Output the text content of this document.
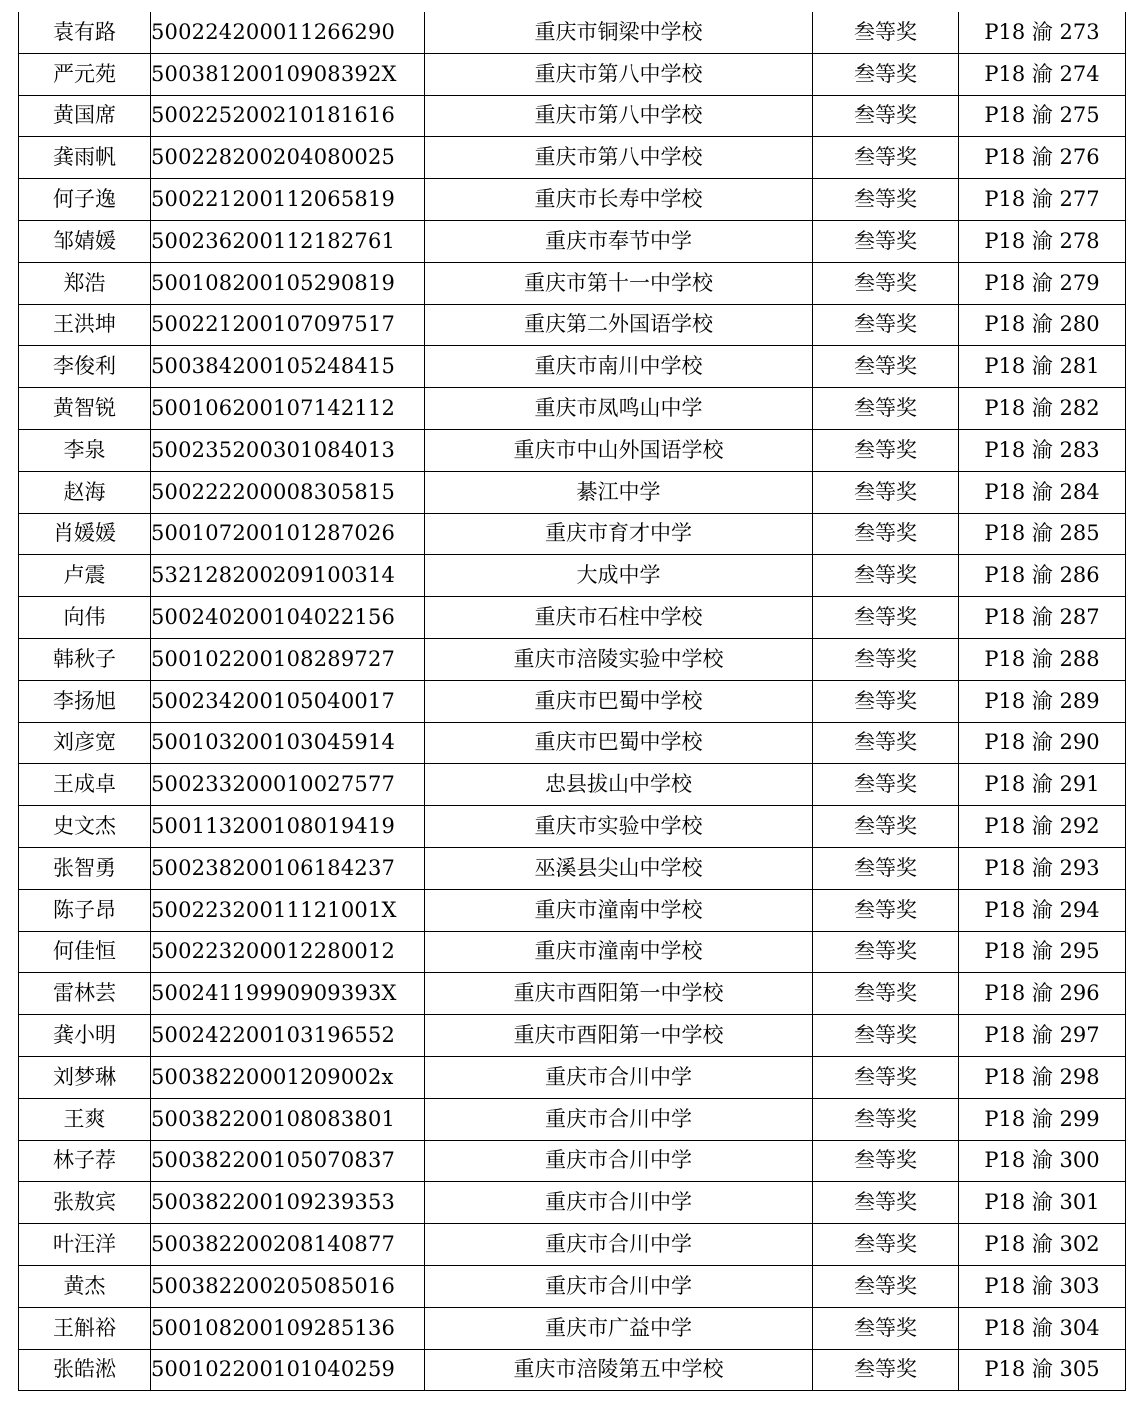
袁有路	500224200011266290	重庆市铜梁中学校	叁等奖	P18 渝 273
严元苑	50038120010908392X	重庆市第八中学校	叁等奖	P18 渝 274
黄国席	500225200210181616	重庆市第八中学校	叁等奖	P18 渝 275
龚雨帆	500228200204080025	重庆市第八中学校	叁等奖	P18 渝 276
何子逸	500221200112065819	重庆市长寿中学校	叁等奖	P18 渝 277
邹婧媛	500236200112182761	重庆市奉节中学	叁等奖	P18 渝 278
郑浩	500108200105290819	重庆市第十一中学校	叁等奖	P18 渝 279
王洪坤	500221200107097517	重庆第二外国语学校	叁等奖	P18 渝 280
李俊利	500384200105248415	重庆市南川中学校	叁等奖	P18 渝 281
黄智锐	500106200107142112	重庆市凤鸣山中学	叁等奖	P18 渝 282
李泉	500235200301084013	重庆市中山外国语学校	叁等奖	P18 渝 283
赵海	500222200008305815	綦江中学	叁等奖	P18 渝 284
肖媛媛	500107200101287026	重庆市育才中学	叁等奖	P18 渝 285
卢震	532128200209100314	大成中学	叁等奖	P18 渝 286
向伟	500240200104022156	重庆市石柱中学校	叁等奖	P18 渝 287
韩秋子	500102200108289727	重庆市涪陵实验中学校	叁等奖	P18 渝 288
李扬旭	500234200105040017	重庆市巴蜀中学校	叁等奖	P18 渝 289
刘彦宽	500103200103045914	重庆市巴蜀中学校	叁等奖	P18 渝 290
王成卓	500233200010027577	忠县拔山中学校	叁等奖	P18 渝 291
史文杰	500113200108019419	重庆市实验中学校	叁等奖	P18 渝 292
张智勇	500238200106184237	巫溪县尖山中学校	叁等奖	P18 渝 293
陈子昂	50022320011121001X	重庆市潼南中学校	叁等奖	P18 渝 294
何佳恒	500223200012280012	重庆市潼南中学校	叁等奖	P18 渝 295
雷林芸	50024119990909393X	重庆市酉阳第一中学校	叁等奖	P18 渝 296
龚小明	500242200103196552	重庆市酉阳第一中学校	叁等奖	P18 渝 297
刘梦琳	50038220001209002x	重庆市合川中学	叁等奖	P18 渝 298
王爽	500382200108083801	重庆市合川中学	叁等奖	P18 渝 299
林子荐	500382200105070837	重庆市合川中学	叁等奖	P18 渝 300
张敖宾	500382200109239353	重庆市合川中学	叁等奖	P18 渝 301
叶汪洋	500382200208140877	重庆市合川中学	叁等奖	P18 渝 302
黄杰	500382200205085016	重庆市合川中学	叁等奖	P18 渝 303
王斛裕	500108200109285136	重庆市广益中学	叁等奖	P18 渝 304
张皓淞	500102200101040259	重庆市涪陵第五中学校	叁等奖	P18 渝 305
